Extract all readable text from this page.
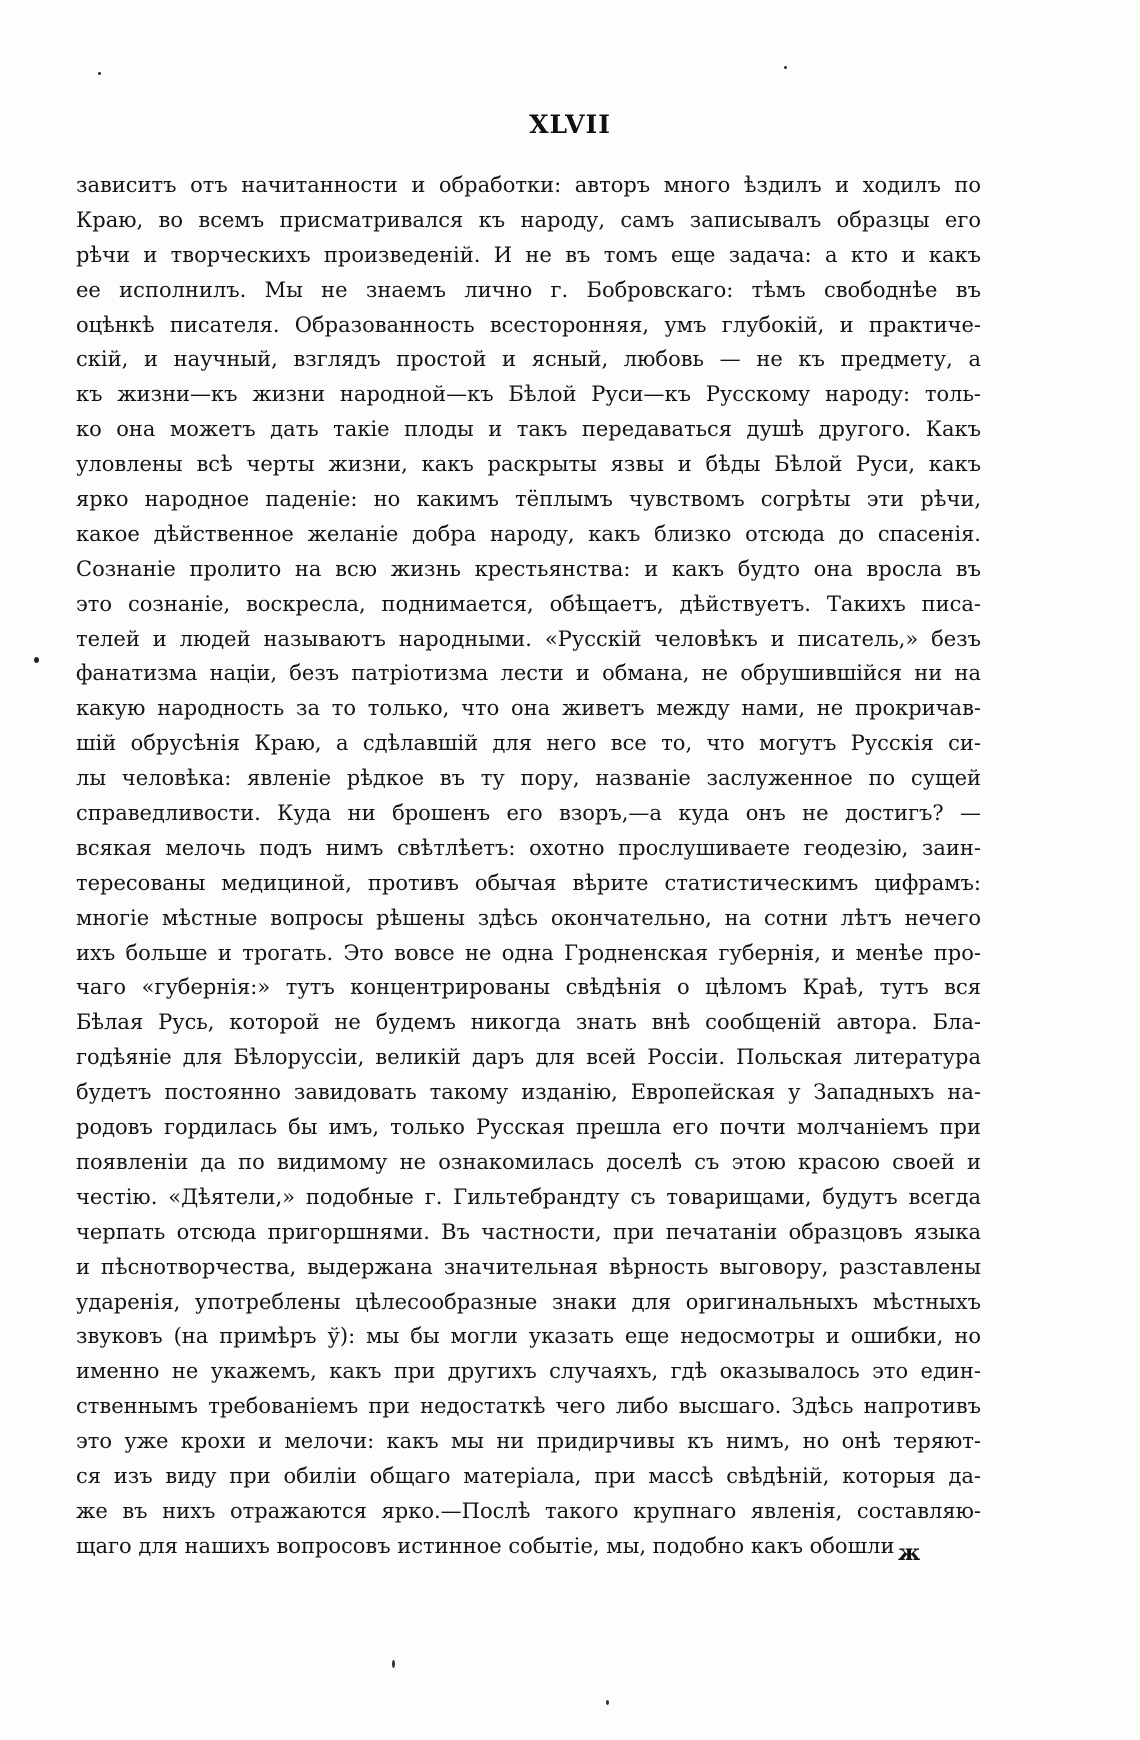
XLVII
зависитъ отъ начитанности и обработки: авторъ много ѣздилъ и ходилъ по
Краю, во всемъ присматривался къ народу, самъ записывалъ образцы его
рѣчи и творческихъ произведеній. И не въ томъ еще задача: а кто и какъ
ее исполнилъ. Мы не знаемъ лично г. Бобровскаго: тѣмъ свободнѣе въ
оцѣнкѣ писателя. Образованность всесторонняя, умъ глубокій, и практиче-
скій, и научный, взглядъ простой и ясный, любовь — не къ предмету, а
къ жизни—къ жизни народной—къ Бѣлой Руси—къ Русскому народу: толь-
ко она можетъ дать такіе плоды и такъ передаваться душѣ другого. Какъ
уловлены всѣ черты жизни, какъ раскрыты язвы и бѣды Бѣлой Руси, какъ
ярко народное паденіе: но какимъ тёплымъ чувствомъ согрѣты эти рѣчи,
какое дѣйственное желаніе добра народу, какъ близко отсюда до спасенія.
Сознаніе пролито на всю жизнь крестьянства: и какъ будто она вросла въ
это сознаніе, воскресла, поднимается, обѣщаетъ, дѣйствуетъ. Такихъ писа-
телей и людей называютъ народными. «Русскій человѣкъ и писатель,» безъ
фанатизма націи, безъ патріотизма лести и обмана, не обрушившійся ни на
какую народность за то только, что она живетъ между нами, не прокричав-
шій обрусѣнія Краю, а сдѣлавшій для него все то, что могутъ Русскія си-
лы человѣка: явленіе рѣдкое въ ту пору, названіе заслуженное по сущей
справедливости. Куда ни брошенъ его взоръ,—а куда онъ не достигъ? —
всякая мелочь подъ нимъ свѣтлѣетъ: охотно прослушиваете геодезію, заин-
тересованы медициной, противъ обычая вѣрите статистическимъ цифрамъ:
многіе мѣстные вопросы рѣшены здѣсь окончательно, на сотни лѣтъ нечего
ихъ больше и трогать. Это вовсе не одна Гродненская губернія, и менѣе про-
чаго «губернія:» тутъ концентрированы свѣдѣнія о цѣломъ Краѣ, тутъ вся
Бѣлая Русь, которой не будемъ никогда знать внѣ сообщеній автора. Бла-
годѣяніе для Бѣлоруссіи, великій даръ для всей Россіи. Польская литература
будетъ постоянно завидовать такому изданію, Европейская у Западныхъ на-
родовъ гордилась бы имъ, только Русская прешла его почти молчаніемъ при
появленіи да по видимому не ознакомилась доселѣ съ этою красою своей и
честію. «Дѣятели,» подобные г. Гильтебрандту съ товарищами, будутъ всегда
черпать отсюда пригоршнями. Въ частности, при печатаніи образцовъ языка
и пѣснотворчества, выдержана значительная вѣрность выговору, разставлены
ударенія, употреблены цѣлесообразные знаки для оригинальныхъ мѣстныхъ
звуковъ (на примѣръ ў): мы бы могли указать еще недосмотры и ошибки, но
именно не укажемъ, какъ при другихъ случаяхъ, гдѣ оказывалось это един-
ственнымъ требованіемъ при недостаткѣ чего либо высшаго. Здѣсь напротивъ
это уже крохи и мелочи: какъ мы ни придирчивы къ нимъ, но онѣ теряют-
ся изъ виду при обиліи общаго матеріала, при массѣ свѣдѣній, которыя да-
же въ нихъ отражаются ярко.—Послѣ такого крупнаго явленія, составляю-
щаго для нашихъ вопросовъ истинное событіе, мы, подобно какъ обошли ж
